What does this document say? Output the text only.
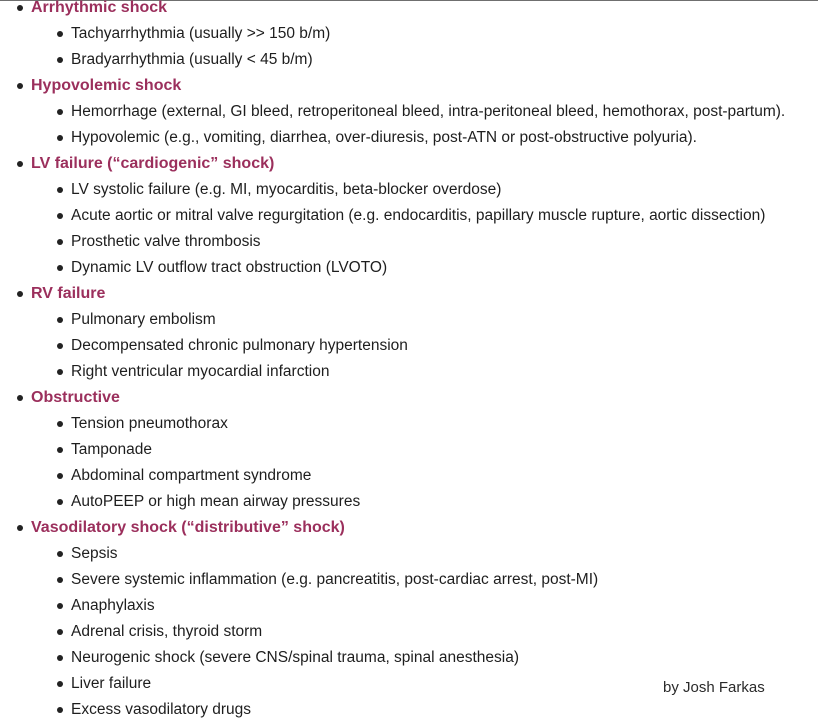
Arrhythmic shock
Tachyarrhythmia (usually >> 150 b/m)
Bradyarrhythmia (usually < 45 b/m)
Hypovolemic shock
Hemorrhage (external, GI bleed, retroperitoneal bleed, intra-peritoneal bleed, hemothorax, post-partum).
Hypovolemic (e.g., vomiting, diarrhea, over-diuresis, post-ATN or post-obstructive polyuria).
LV failure (“cardiogenic” shock)
LV systolic failure (e.g. MI, myocarditis, beta-blocker overdose)
Acute aortic or mitral valve regurgitation (e.g. endocarditis, papillary muscle rupture, aortic dissection)
Prosthetic valve thrombosis
Dynamic LV outflow tract obstruction (LVOTO)
RV failure
Pulmonary embolism
Decompensated chronic pulmonary hypertension
Right ventricular myocardial infarction
Obstructive
Tension pneumothorax
Tamponade
Abdominal compartment syndrome
AutoPEEP or high mean airway pressures
Vasodilatory shock (“distributive” shock)
Sepsis
Severe systemic inflammation (e.g. pancreatitis, post-cardiac arrest, post-MI)
Anaphylaxis
Adrenal crisis, thyroid storm
Neurogenic shock (severe CNS/spinal trauma, spinal anesthesia)
Liver failure
Excess vasodilatory drugs
by Josh Farkas
